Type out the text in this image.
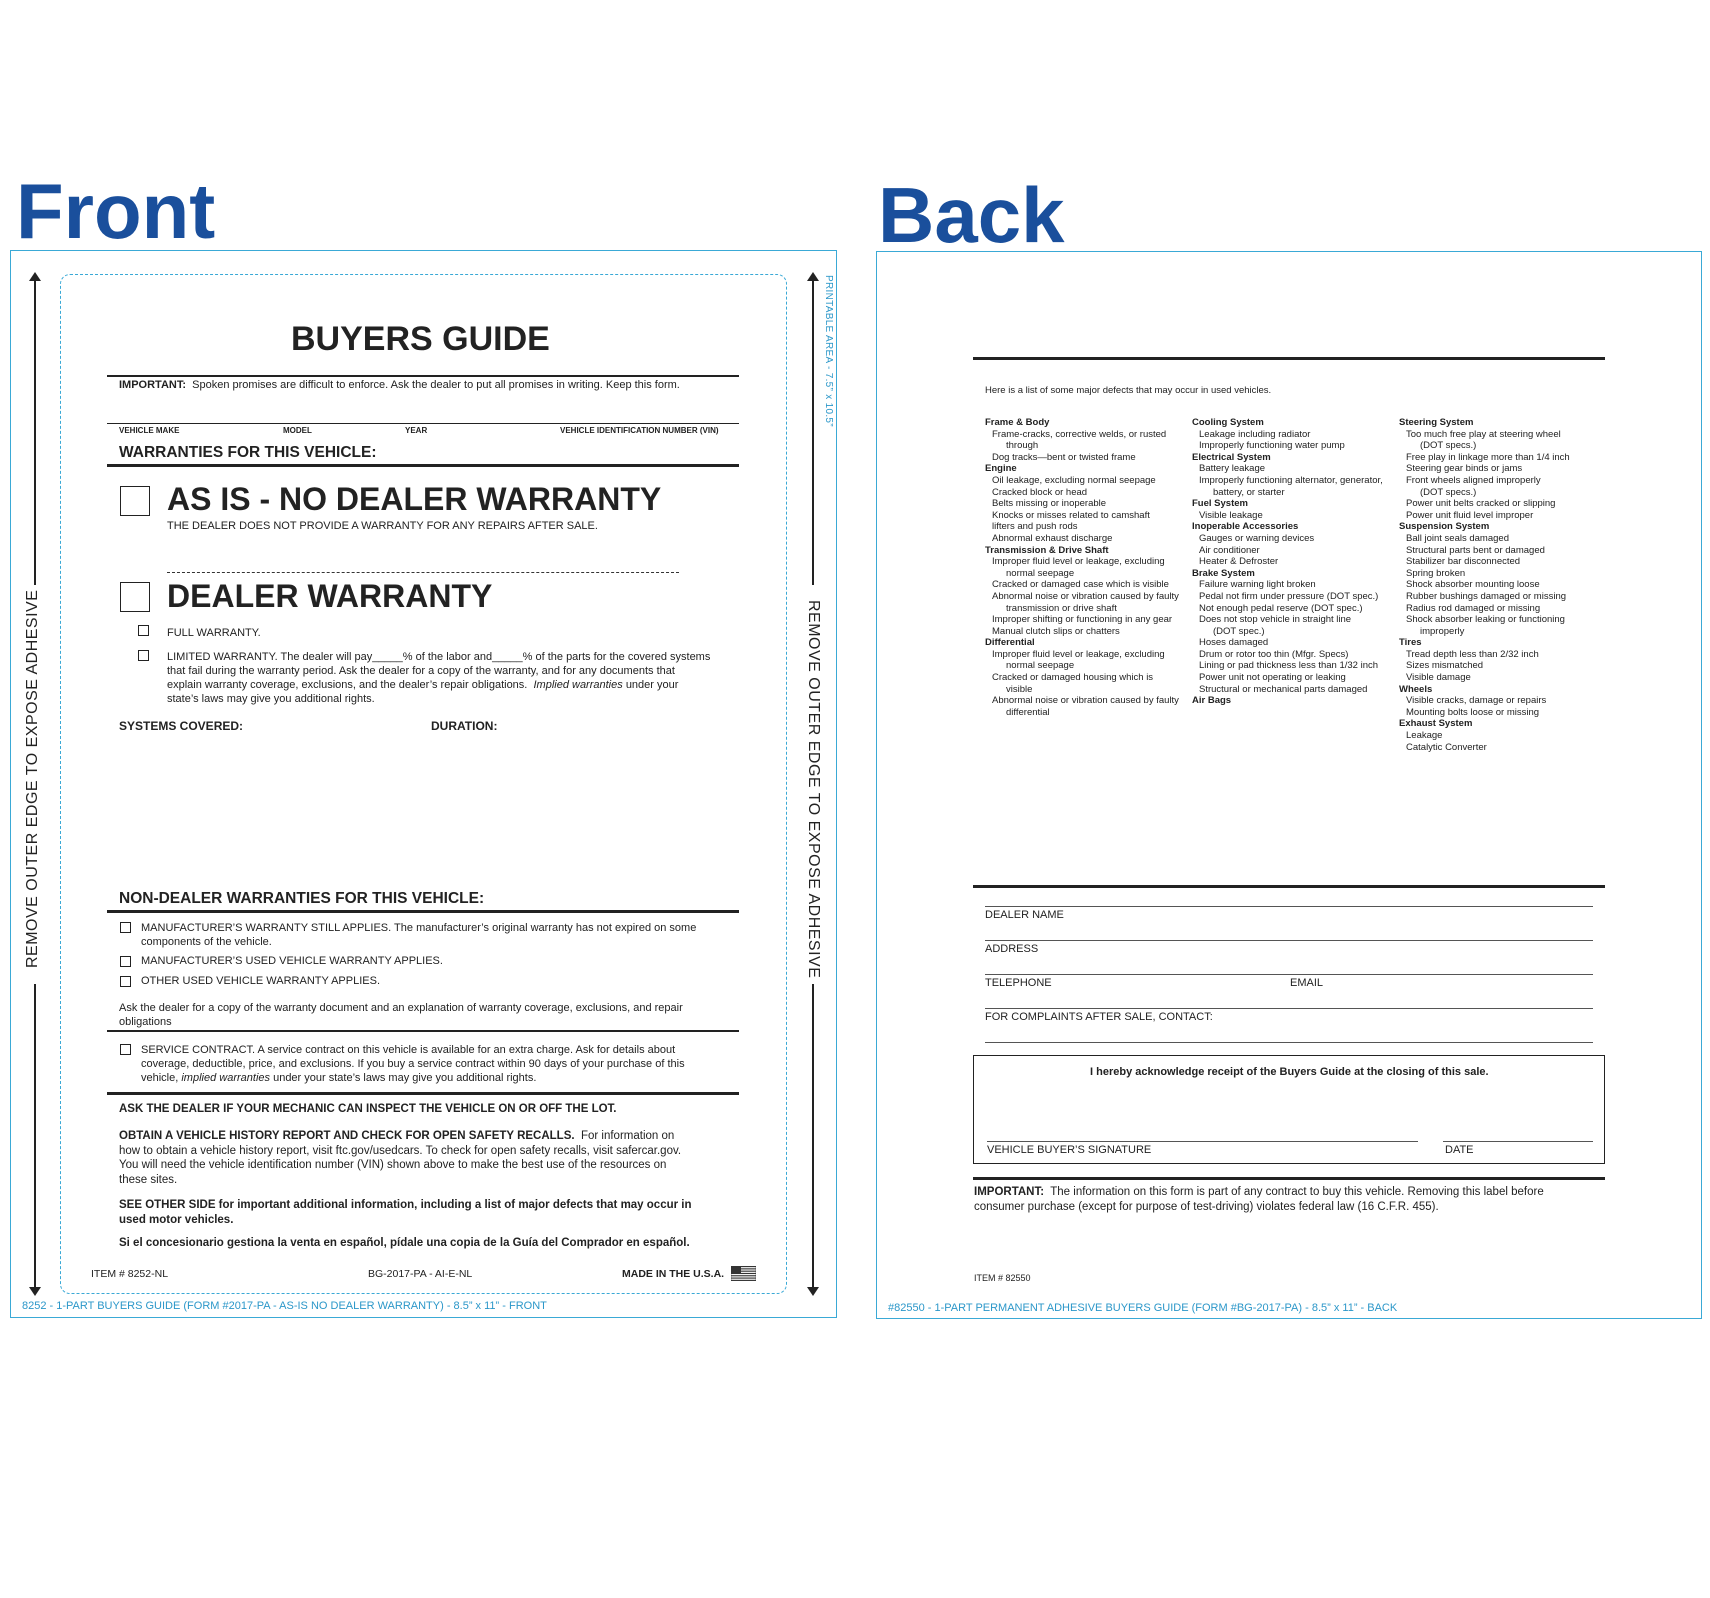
Front	Back
REMOVE OUTER EDGE TO EXPOSE ADHESIVE	REMOVE OUTER EDGE TO EXPOSE ADHESIVE
PRINTABLE AREA - 7.5” x 10.5”
BUYERS GUIDE
IMPORTANT: Spoken promises are difficult to enforce. Ask the dealer to put all promises in writing. Keep this form.
VEHICLE MAKE	MODEL	YEAR	VEHICLE IDENTIFICATION NUMBER (VIN)
WARRANTIES FOR THIS VEHICLE:
AS IS - NO DEALER WARRANTY
THE DEALER DOES NOT PROVIDE A WARRANTY FOR ANY REPAIRS AFTER SALE.
DEALER WARRANTY
FULL WARRANTY.
LIMITED WARRANTY. The dealer will pay_____% of the labor and_____% of the parts for the covered systems
that fail during the warranty period. Ask the dealer for a copy of the warranty, and for any documents that
explain warranty coverage, exclusions, and the dealer’s repair obligations. Implied warranties under your
state’s laws may give you additional rights.
SYSTEMS COVERED:	DURATION:
NON-DEALER WARRANTIES FOR THIS VEHICLE:
MANUFACTURER’S WARRANTY STILL APPLIES. The manufacturer’s original warranty has not expired on some
components of the vehicle.
MANUFACTURER’S USED VEHICLE WARRANTY APPLIES.
OTHER USED VEHICLE WARRANTY APPLIES.
Ask the dealer for a copy of the warranty document and an explanation of warranty coverage, exclusions, and repair
obligations
SERVICE CONTRACT. A service contract on this vehicle is available for an extra charge. Ask for details about
coverage, deductible, price, and exclusions. If you buy a service contract within 90 days of your purchase of this
vehicle, implied warranties under your state’s laws may give you additional rights.
ASK THE DEALER IF YOUR MECHANIC CAN INSPECT THE VEHICLE ON OR OFF THE LOT.
OBTAIN A VEHICLE HISTORY REPORT AND CHECK FOR OPEN SAFETY RECALLS. For information on
how to obtain a vehicle history report, visit ftc.gov/usedcars. To check for open safety recalls, visit safercar.gov.
You will need the vehicle identification number (VIN) shown above to make the best use of the resources on
these sites.
SEE OTHER SIDE for important additional information, including a list of major defects that may occur in
used motor vehicles.
Si el concesionario gestiona la venta en español, pídale una copia de la Guía del Comprador en español.
ITEM # 8252-NL	BG-2017-PA - AI-E-NL	MADE IN THE U.S.A.
8252 - 1-PART BUYERS GUIDE (FORM #2017-PA - AS-IS NO DEALER WARRANTY) - 8.5” x 11” - FRONT
Here is a list of some major defects that may occur in used vehicles.
Frame & Body
Frame-cracks, corrective welds, or rusted
through
Dog tracks—bent or twisted frame
Engine
Oil leakage, excluding normal seepage
Cracked block or head
Belts missing or inoperable
Knocks or misses related to camshaft
lifters and push rods
Abnormal exhaust discharge
Transmission & Drive Shaft
Improper fluid level or leakage, excluding
normal seepage
Cracked or damaged case which is visible
Abnormal noise or vibration caused by faulty
transmission or drive shaft
Improper shifting or functioning in any gear
Manual clutch slips or chatters
Differential
Improper fluid level or leakage, excluding
normal seepage
Cracked or damaged housing which is
visible
Abnormal noise or vibration caused by faulty
differential
Cooling System
Leakage including radiator
Improperly functioning water pump
Electrical System
Battery leakage
Improperly functioning alternator, generator,
battery, or starter
Fuel System
Visible leakage
Inoperable Accessories
Gauges or warning devices
Air conditioner
Heater & Defroster
Brake System
Failure warning light broken
Pedal not firm under pressure (DOT spec.)
Not enough pedal reserve (DOT spec.)
Does not stop vehicle in straight line
(DOT spec.)
Hoses damaged
Drum or rotor too thin (Mfgr. Specs)
Lining or pad thickness less than 1/32 inch
Power unit not operating or leaking
Structural or mechanical parts damaged
Air Bags
Steering System
Too much free play at steering wheel
(DOT specs.)
Free play in linkage more than 1/4 inch
Steering gear binds or jams
Front wheels aligned improperly
(DOT specs.)
Power unit belts cracked or slipping
Power unit fluid level improper
Suspension System
Ball joint seals damaged
Structural parts bent or damaged
Stabilizer bar disconnected
Spring broken
Shock absorber mounting loose
Rubber bushings damaged or missing
Radius rod damaged or missing
Shock absorber leaking or functioning
improperly
Tires
Tread depth less than 2/32 inch
Sizes mismatched
Visible damage
Wheels
Visible cracks, damage or repairs
Mounting bolts loose or missing
Exhaust System
Leakage
Catalytic Converter
DEALER NAME
ADDRESS
TELEPHONE	EMAIL
FOR COMPLAINTS AFTER SALE, CONTACT:
I hereby acknowledge receipt of the Buyers Guide at the closing of this sale.
VEHICLE BUYER’S SIGNATURE	DATE
IMPORTANT: The information on this form is part of any contract to buy this vehicle. Removing this label before
consumer purchase (except for purpose of test-driving) violates federal law (16 C.F.R. 455).
ITEM # 82550
#82550 - 1-PART PERMANENT ADHESIVE BUYERS GUIDE (FORM #BG-2017-PA) - 8.5” x 11” - BACK
